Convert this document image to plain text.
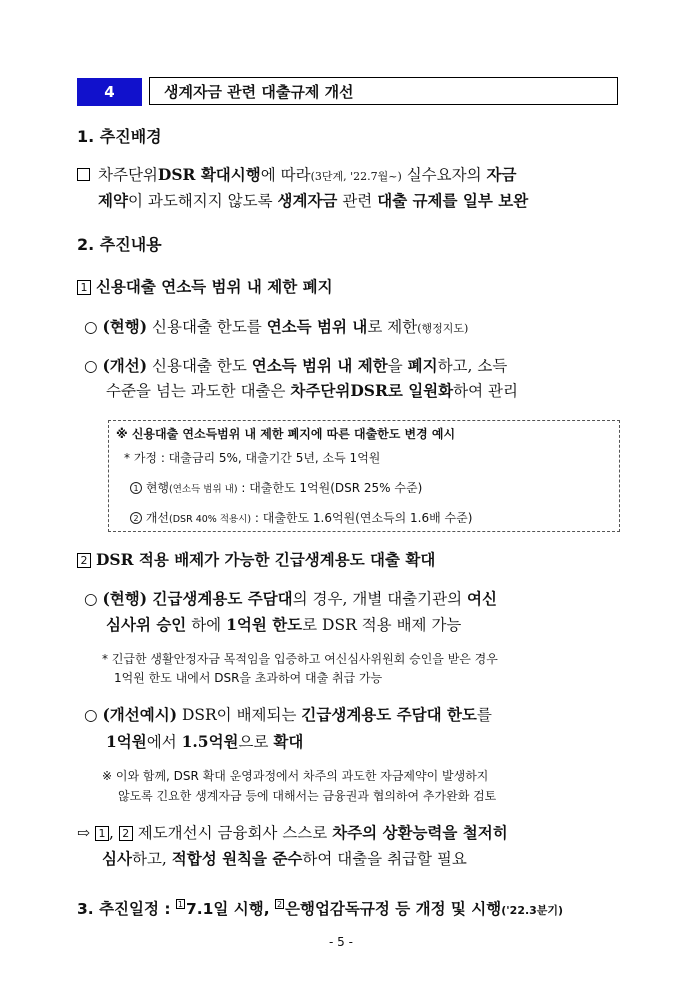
4	생계자금 관련 대출규제 개선
1. 추진배경
차주단위DSR 확대시행에 따라(3단계, '22.7월~) 실수요자의 자금
제약이 과도해지지 않도록 생계자금 관련 대출 규제를 일부 보완
2. 추진내용
1 신용대출 연소득 범위 내 제한 폐지
○ (현행) 신용대출 한도를 연소득 범위 내로 제한(행정지도)
○ (개선) 신용대출 한도 연소득 범위 내 제한을 폐지하고, 소득
수준을 넘는 과도한 대출은 차주단위DSR로 일원화하여 관리
※ 신용대출 연소득범위 내 제한 폐지에 따른 대출한도 변경 예시
* 가정 : 대출금리 5%, 대출기간 5년, 소득 1억원
1 현행(연소득 범위 내) : 대출한도 1억원(DSR 25% 수준)
2 개선(DSR 40% 적용시) : 대출한도 1.6억원(연소득의 1.6배 수준)
2 DSR 적용 배제가 가능한 긴급생계용도 대출 확대
○ (현행) 긴급생계용도 주담대의 경우, 개별 대출기관의 여신
심사위 승인 하에 1억원 한도로 DSR 적용 배제 가능
* 긴급한 생활안정자금 목적임을 입증하고 여신심사위원회 승인을 받은 경우
1억원 한도 내에서 DSR을 초과하여 대출 취급 가능
○ (개선예시) DSR이 배제되는 긴급생계용도 주담대 한도를
1억원에서 1.5억원으로 확대
※ 이와 함께, DSR 확대 운영과정에서 차주의 과도한 자금제약이 발생하지
않도록 긴요한 생계자금 등에 대해서는 금융권과 협의하여 추가완화 검토
⇨ 1 , 2 제도개선시 금융회사 스스로 차주의 상환능력을 철저히
심사하고, 적합성 원칙을 준수하여 대출을 취급할 필요
3. 추진일정 : 1 7.1일 시행, 2 은행업감독규정 등 개정 및 시행('22.3분기)
- 5 -
